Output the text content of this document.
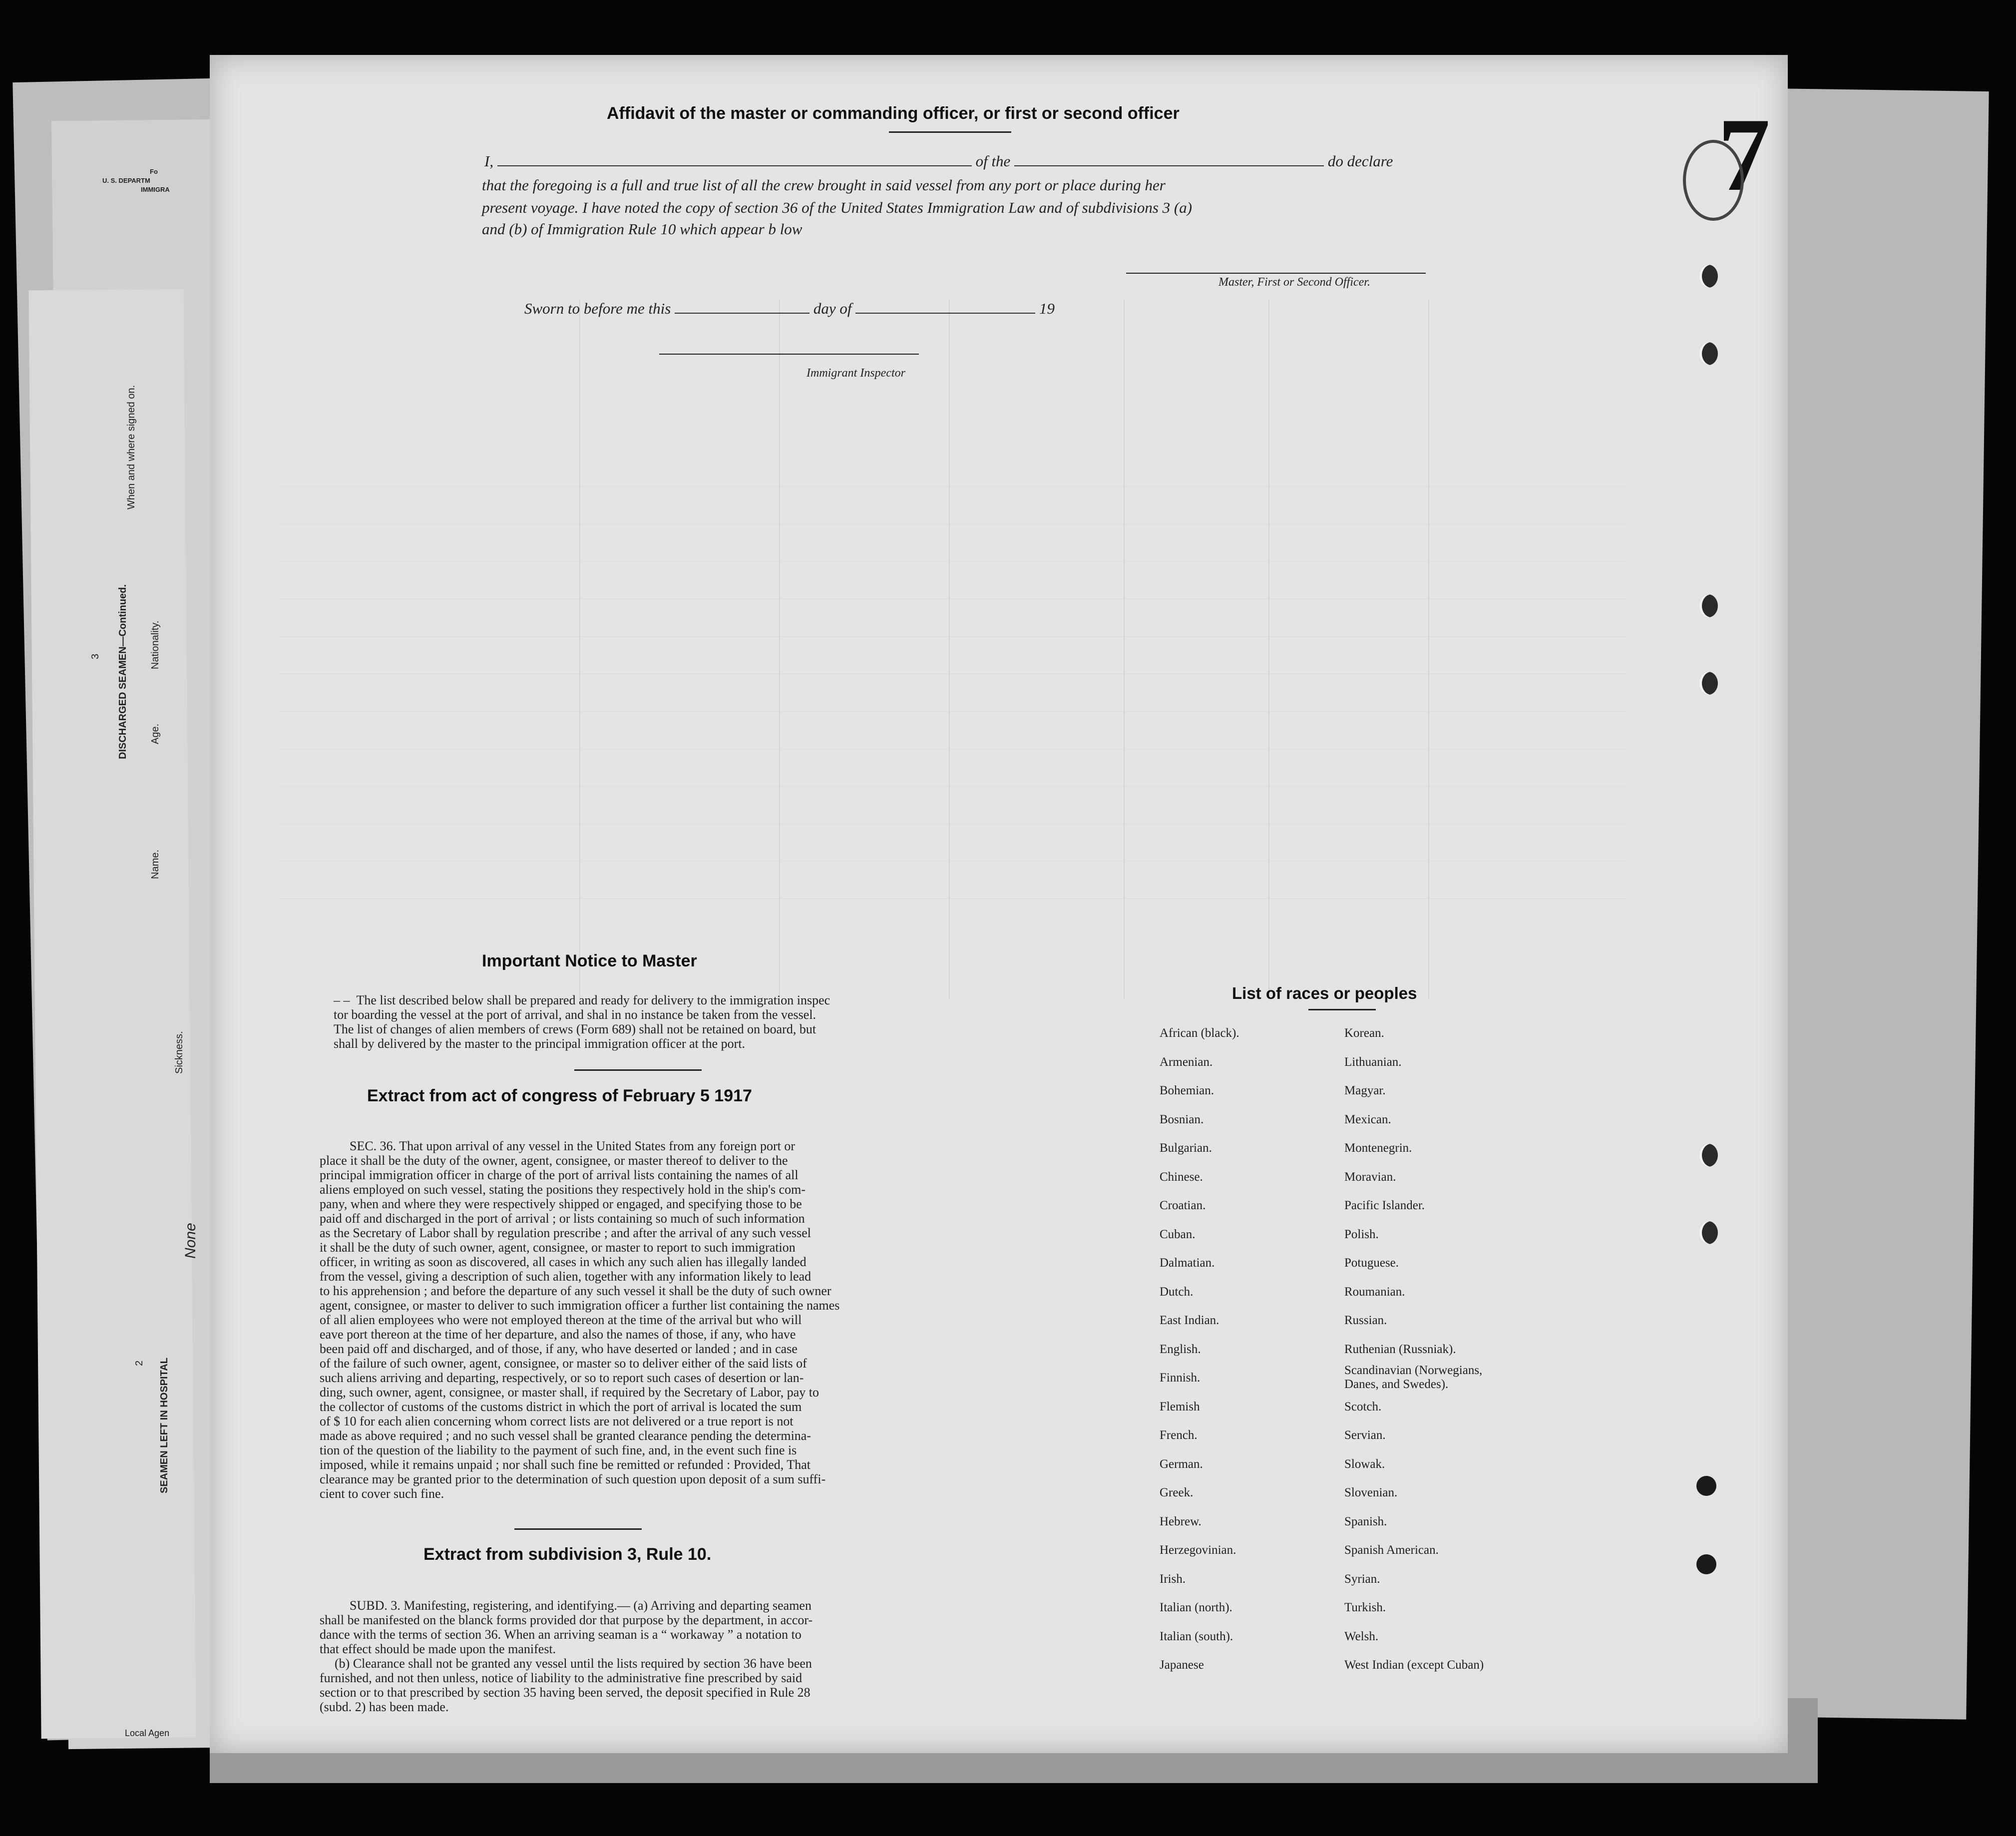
Fo
U. S. DEPARTM
IMMIGRA
3 DISCHARGED SEAMEN—Continued.
When and where signed on.
Nationality.
Age.
Name.
2 SEAMEN LEFT IN HOSPITAL
None
Sickness.
Local Agen
7
Affidavit of the master or commanding officer, or first or second officer
I,	of the	do declare
that the foregoing is a full and true list of all the crew brought in said vessel from any port or place during her
present voyage. I have noted the copy of section 36 of the United States Immigration Law and of subdivisions 3 (a)
and (b) of Immigration Rule 10 which appear b low
Master, First or Second Officer.
Sworn to before me this	day of	19
Immigrant Inspector
Important Notice to Master
– – The list described below shall be prepared and ready for delivery to the immigration inspec
tor boarding the vessel at the port of arrival, and shal in no instance be taken from the vessel.
The list of changes of alien members of crews (Form 689) shall not be retained on board, but
shall by delivered by the master to the principal immigration officer at the port.
Extract from act of congress of February 5 1917
SEC. 36. That upon arrival of any vessel in the United States from any foreign port or
place it shall be the duty of the owner, agent, consignee, or master thereof to deliver to the
principal immigration officer in charge of the port of arrival lists containing the names of all
aliens employed on such vessel, stating the positions they respectively hold in the ship's com-
pany, when and where they were respectively shipped or engaged, and specifying those to be
paid off and discharged in the port of arrival ; or lists containing so much of such information
as the Secretary of Labor shall by regulation prescribe ; and after the arrival of any such vessel
it shall be the duty of such owner, agent, consignee, or master to report to such immigration
officer, in writing as soon as discovered, all cases in which any such alien has illegally landed
from the vessel, giving a description of such alien, together with any information likely to lead
to his apprehension ; and before the departure of any such vessel it shall be the duty of such owner
agent, consignee, or master to deliver to such immigration officer a further list containing the names
of all alien employees who were not employed thereon at the time of the arrival but who will
eave port thereon at the time of her departure, and also the names of those, if any, who have
been paid off and discharged, and of those, if any, who have deserted or landed ; and in case
of the failure of such owner, agent, consignee, or master so to deliver either of the said lists of
such aliens arriving and departing, respectively, or so to report such cases of desertion or lan-
ding, such owner, agent, consignee, or master shall, if required by the Secretary of Labor, pay to
the collector of customs of the customs district in which the port of arrival is located the sum
of $ 10 for each alien concerning whom correct lists are not delivered or a true report is not
made as above required ; and no such vessel shall be granted clearance pending the determina-
tion of the question of the liability to the payment of such fine, and, in the event such fine is
imposed, while it remains unpaid ; nor shall such fine be remitted or refunded : Provided, That
clearance may be granted prior to the determination of such question upon deposit of a sum suffi-
cient to cover such fine.
Extract from subdivision 3, Rule 10.
SUBD. 3. Manifesting, registering, and identifying.— (a) Arriving and departing seamen
shall be manifested on the blanck forms provided dor that purpose by the department, in accor-
dance with the terms of section 36. When an arriving seaman is a “ workaway ” a notation to
that effect should be made upon the manifest.
(b) Clearance shall not be granted any vessel until the lists required by section 36 have been
furnished, and not then unless, notice of liability to the administrative fine prescribed by said
section or to that prescribed by section 35 having been served, the deposit specified in Rule 28
(subd. 2) has been made.
List of races or peoples
African (black).
Armenian.
Bohemian.
Bosnian.
Bulgarian.
Chinese.
Croatian.
Cuban.
Dalmatian.
Dutch.
East Indian.
English.
Finnish.
Flemish
French.
German.
Greek.
Hebrew.
Herzegovinian.
Irish.
Italian (north).
Italian (south).
Japanese
Korean.
Lithuanian.
Magyar.
Mexican.
Montenegrin.
Moravian.
Pacific Islander.
Polish.
Potuguese.
Roumanian.
Russian.
Ruthenian (Russniak).
Scandinavian (Norwegians, Danes, and Swedes).
Scotch.
Servian.
Slowak.
Slovenian.
Spanish.
Spanish American.
Syrian.
Turkish.
Welsh.
West Indian (except Cuban)
